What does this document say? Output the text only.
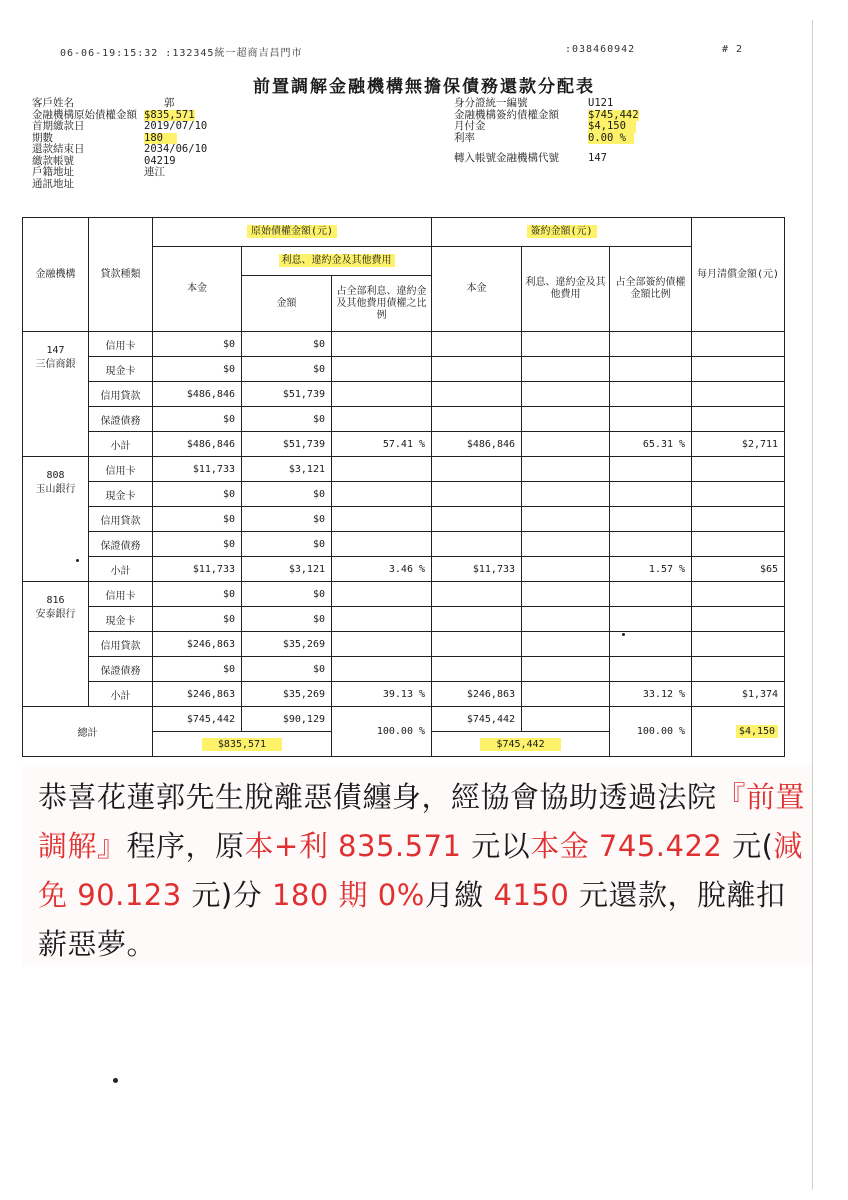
06-06-19:15:32 :132345統一超商吉昌門市	:038460942	# 2
前置調解金融機構無擔保債務還款分配表
客戶姓名	郭
金融機構原始債權金額 $835,571
首期繳款日	2019/07/10
期數	180
還款結束日	2034/06/10
繳款帳號	04219
戶籍地址	連江
通訊地址
身分證統一編號	U121
金融機構簽約債權金額	$745,442
月付金	$4,150
利率	0.00 %
轉入帳號金融機構代號	147
金融機構	貸款種類	原始債權金額(元)			簽約金額(元)			每月清償金額(元)
		本金	利息、違約金及其他費用		本金	利息、違約金及其他費用	占全部簽約債權金額比例	
			金額	占全部利息、違約金及其他費用債權之比例				
147
三信商銀	信用卡	$0	$0					
	現金卡	$0	$0					
	信用貸款	$486,846	$51,739					
	保證債務	$0	$0					
	小計	$486,846	$51,739	57.41 %	$486,846		65.31 %	$2,711
808
玉山銀行	信用卡	$11,733	$3,121					
	現金卡	$0	$0					
	信用貸款	$0	$0					
	保證債務	$0	$0					
	小計	$11,733	$3,121	3.46 %	$11,733		1.57 %	$65
816
安泰銀行	信用卡	$0	$0					
	現金卡	$0	$0					
	信用貸款	$246,863	$35,269					
	保證債務	$0	$0					
	小計	$246,863	$35,269	39.13 %	$246,863		33.12 %	$1,374
總計		$745,442	$90,129	100.00 %	$745,442		100.00 %	$4,150
		$835,571			$745,442			
恭喜花蓮郭先生脫離惡債纏身，經協會協助透過法院『前置調解』程序，原本+利 835.571 元以本金 745.422 元(減免 90.123 元)分 180 期 0%月繳 4150 元還款，脫離扣薪惡夢。
